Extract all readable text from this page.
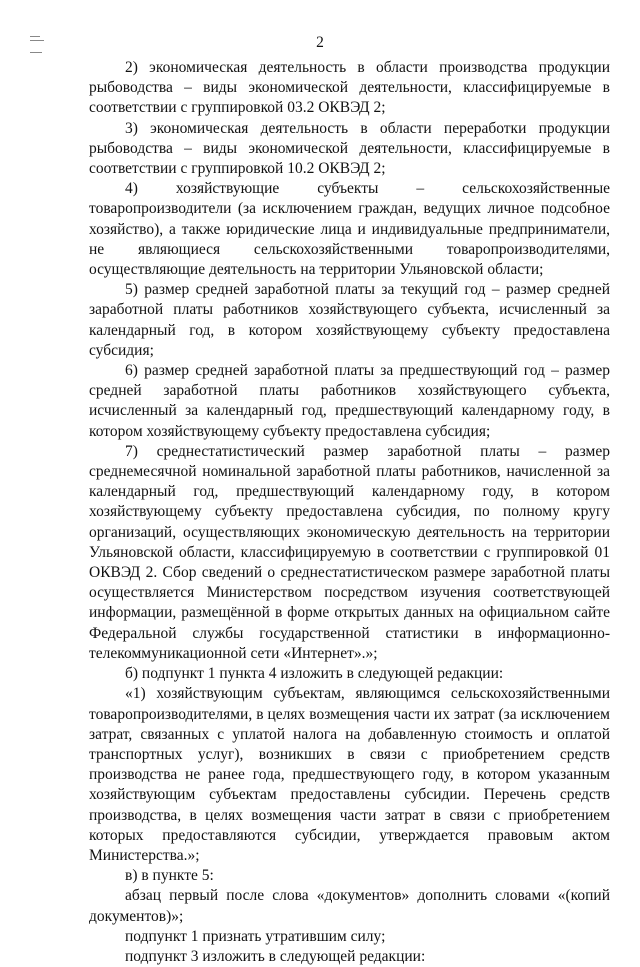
2

2) экономическая деятельность в области производства продукции рыбоводства – виды экономической деятельности, классифицируемые в соответствии с группировкой 03.2 ОКВЭД 2;

3) экономическая деятельность в области переработки продукции рыбоводства – виды экономической деятельности, классифицируемые в соответствии с группировкой 10.2 ОКВЭД 2;

4) хозяйствующие субъекты – сельскохозяйственные товаропроизводители (за исключением граждан, ведущих личное подсобное хозяйство), а также юридические лица и индивидуальные предприниматели, не являющиеся сельскохозяйственными товаропроизводителями, осуществляющие деятельность на территории Ульяновской области;

5) размер средней заработной платы за текущий год – размер средней заработной платы работников хозяйствующего субъекта, исчисленный за календарный год, в котором хозяйствующему субъекту предоставлена субсидия;

6) размер средней заработной платы за предшествующий год – размер средней заработной платы работников хозяйствующего субъекта, исчисленный за календарный год, предшествующий календарному году, в котором хозяйствующему субъекту предоставлена субсидия;

7) среднестатистический размер заработной платы – размер среднемесячной номинальной заработной платы работников, начисленной за календарный год, предшествующий календарному году, в котором хозяйствующему субъекту предоставлена субсидия, по полному кругу организаций, осуществляющих экономическую деятельность на территории Ульяновской области, классифицируемую в соответствии с группировкой 01 ОКВЭД 2. Сбор сведений о среднестатистическом размере заработной платы осуществляется Министерством посредством изучения соответствующей информации, размещённой в форме открытых данных на официальном сайте Федеральной службы государственной статистики в информационно-телекоммуникационной сети «Интернет».»;

б) подпункт 1 пункта 4 изложить в следующей редакции:

«1) хозяйствующим субъектам, являющимся сельскохозяйственными товаропроизводителями, в целях возмещения части их затрат (за исключением затрат, связанных с уплатой налога на добавленную стоимость и оплатой транспортных услуг), возникших в связи с приобретением средств производства не ранее года, предшествующего году, в котором указанным хозяйствующим субъектам предоставлены субсидии. Перечень средств производства, в целях возмещения части затрат в связи с приобретением которых предоставляются субсидии, утверждается правовым актом Министерства.»;

в) в пункте 5:

абзац первый после слова «документов» дополнить словами «(копий документов)»;

подпункт 1 признать утратившим силу;

подпункт 3 изложить в следующей редакции:
